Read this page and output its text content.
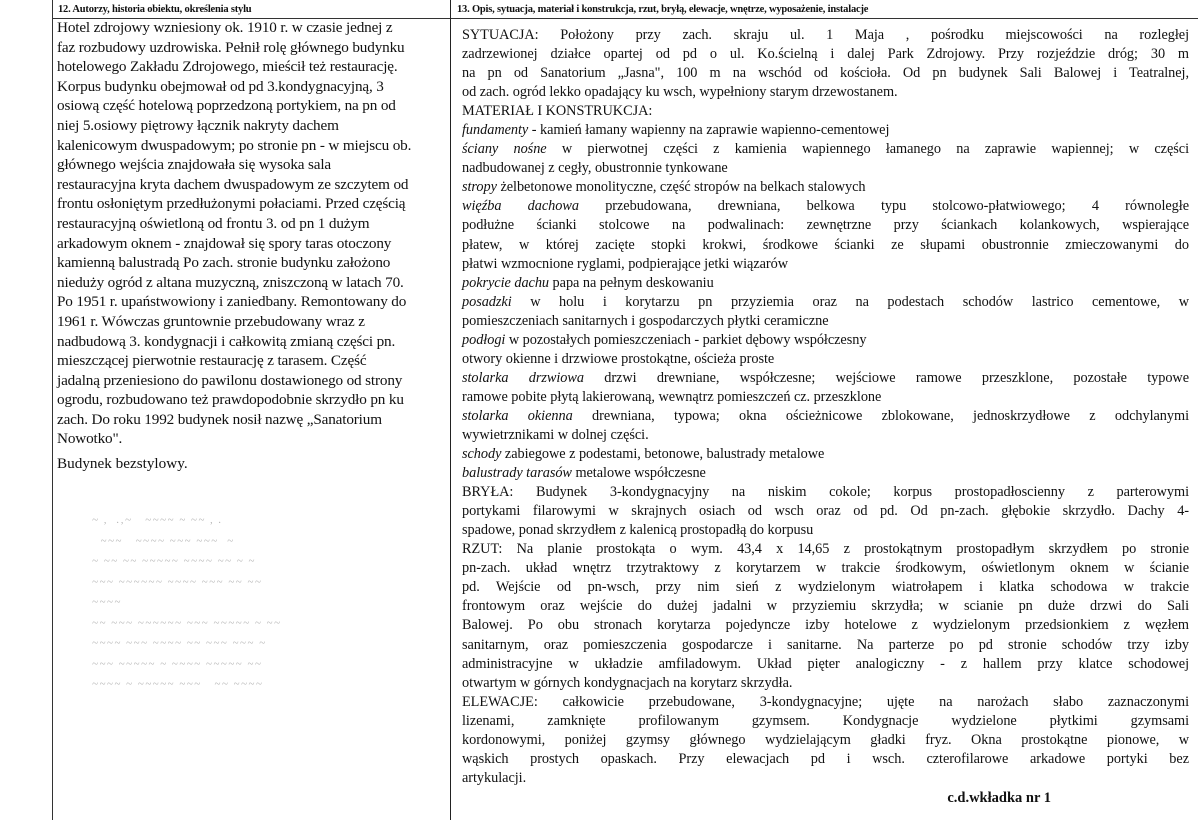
12. Autorzy, historia obiektu, określenia stylu
Hotel zdrojowy wzniesiony ok. 1910 r. w czasie jednej z
faz rozbudowy uzdrowiska. Pełnił rolę głównego budynku
hotelowego Zakładu Zdrojowego, mieścił też restaurację.
Korpus budynku obejmował od pd 3.kondygnacyjną, 3
osiową część hotelową poprzedzoną portykiem, na pn od
niej 5.osiowy piętrowy łącznik nakryty dachem
kalenicowym dwuspadowym; po stronie pn - w miejscu ob.
głównego wejścia znajdowała się wysoka sala
restauracyjna kryta dachem dwuspadowym ze szczytem od
frontu osłoniętym przedłużonymi połaciami. Przed częścią
restauracyjną oświetloną od frontu 3. od pn 1 dużym
arkadowym oknem - znajdował się spory taras otoczony
kamienną balustradą Po zach. stronie budynku założono
nieduży ogród z altana muzyczną, zniszczoną w latach 70.
Po 1951 r. upaństwowiony i zaniedbany. Remontowany do
1961 r. Wówczas gruntownie przebudowany wraz z
nadbudową 3. kondygnacji i całkowitą zmianą części pn.
mieszczącej pierwotnie restaurację z tarasem. Część
jadalną przeniesiono do pawilonu dostawionego od strony
ogrodu, rozbudowano też prawdopodobnie skrzydło pn ku
zach. Do roku 1992 budynek nosił nazwę „Sanatorium
Nowotko".
Budynek bezstylowy.
~ ,  .,~   ~~~~ ~ ~~ , .
~~~   ~~~~ ~~~ ~~~  ~
~ ~~ ~~ ~~~~~ ~~~~ ~~ ~ ~
~~~ ~~~~~~ ~~~~ ~~~ ~~ ~~
~~~~
~~ ~~~ ~~~~~~ ~~~ ~~~~~ ~ ~~
~~~~ ~~~ ~~~~ ~~ ~~~ ~~~ ~
~~~ ~~~~~ ~ ~~~~ ~~~~~ ~~
~~~~ ~ ~~~~~ ~~~   ~~ ~~~~
13. Opis, sytuacja, materiał i konstrukcja, rzut, bryłą, elewacje, wnętrze, wyposażenie, instalacje
SYTUACJA: Położony przy zach. skraju ul. 1 Maja , pośrodku miejscowości na rozległej
zadrzewionej działce opartej od pd o ul. Ko.ścielną i dalej Park Zdrojowy. Przy rozjeździe dróg; 30 m
na pn od Sanatorium „Jasna", 100 m na wschód od kościoła. Od pn budynek Sali Balowej i Teatralnej,
od zach. ogród lekko opadający ku wsch, wypełniony starym drzewostanem.
MATERIAŁ I KONSTRUKCJA:
fundamenty - kamień łamany wapienny na zaprawie wapienno-cementowej
ściany nośne w pierwotnej części z kamienia wapiennego łamanego na zaprawie wapiennej; w części
nadbudowanej z cegły, obustronnie tynkowane
stropy żelbetonowe monolityczne, część stropów na belkach stalowych
więźba dachowa przebudowana, drewniana, belkowa typu stolcowo-płatwiowego; 4 równoległe
podłużne ścianki stolcowe na podwalinach: zewnętrzne przy ściankach kolankowych, wspierające
płatew, w której zacięte stopki krokwi, środkowe ścianki ze słupami obustronnie zmieczowanymi do
płatwi wzmocnione ryglami, podpierające jetki wiązarów
pokrycie dachu papa na pełnym deskowaniu
posadzki w holu i korytarzu pn przyziemia oraz na podestach schodów lastrico cementowe, w
pomieszczeniach sanitarnych i gospodarczych płytki ceramiczne
podłogi w pozostałych pomieszczeniach - parkiet dębowy współczesny
otwory okienne i drzwiowe prostokątne, ościeża proste
stolarka drzwiowa drzwi drewniane, współczesne; wejściowe ramowe przeszklone, pozostałe typowe
ramowe pobite płytą lakierowaną, wewnątrz pomieszczeń cz. przeszklone
stolarka okienna drewniana, typowa; okna ościeżnicowe zblokowane, jednoskrzydłowe z odchylanymi
wywietrznikami w dolnej części.
schody zabiegowe z podestami, betonowe, balustrady metalowe
balustrady tarasów metalowe współczesne
BRYŁA: Budynek 3-kondygnacyjny na niskim cokole; korpus prostopadłoscienny z parterowymi
portykami filarowymi w skrajnych osiach od wsch oraz od pd. Od pn-zach. głębokie skrzydło. Dachy 4-
spadowe, ponad skrzydłem z kalenicą prostopadłą do korpusu
RZUT: Na planie prostokąta o wym. 43,4 x 14,65 z prostokątnym prostopadłym skrzydłem po stronie
pn-zach. układ wnętrz trzytraktowy z korytarzem w trakcie środkowym, oświetlonym oknem w ścianie
pd. Wejście od pn-wsch, przy nim sień z wydzielonym wiatrołapem i klatka schodowa w trakcie
frontowym oraz wejście do dużej jadalni w przyziemiu skrzydła; w scianie pn duże drzwi do Sali
Balowej. Po obu stronach korytarza pojedyncze izby hotelowe z wydzielonym przedsionkiem z węzłem
sanitarnym, oraz pomieszczenia gospodarcze i sanitarne. Na parterze po pd stronie schodów trzy izby
administracyjne w układzie amfiladowym. Układ pięter analogiczny - z hallem przy klatce schodowej
otwartym w górnych kondygnacjach na korytarz skrzydła.
ELEWACJE: całkowicie przebudowane, 3-kondygnacyjne; ujęte na narożach słabo zaznaczonymi
lizenami, zamknięte profilowanym gzymsem. Kondygnacje wydzielone płytkimi gzymsami
kordonowymi, poniżej gzymsy głównego wydzielającym gładki fryz. Okna prostokątne pionowe, w
wąskich prostych opaskach. Przy elewacjach pd i wsch. czterofilarowe arkadowe portyki bez
artykulacji.
c.d.wkładka nr 1
